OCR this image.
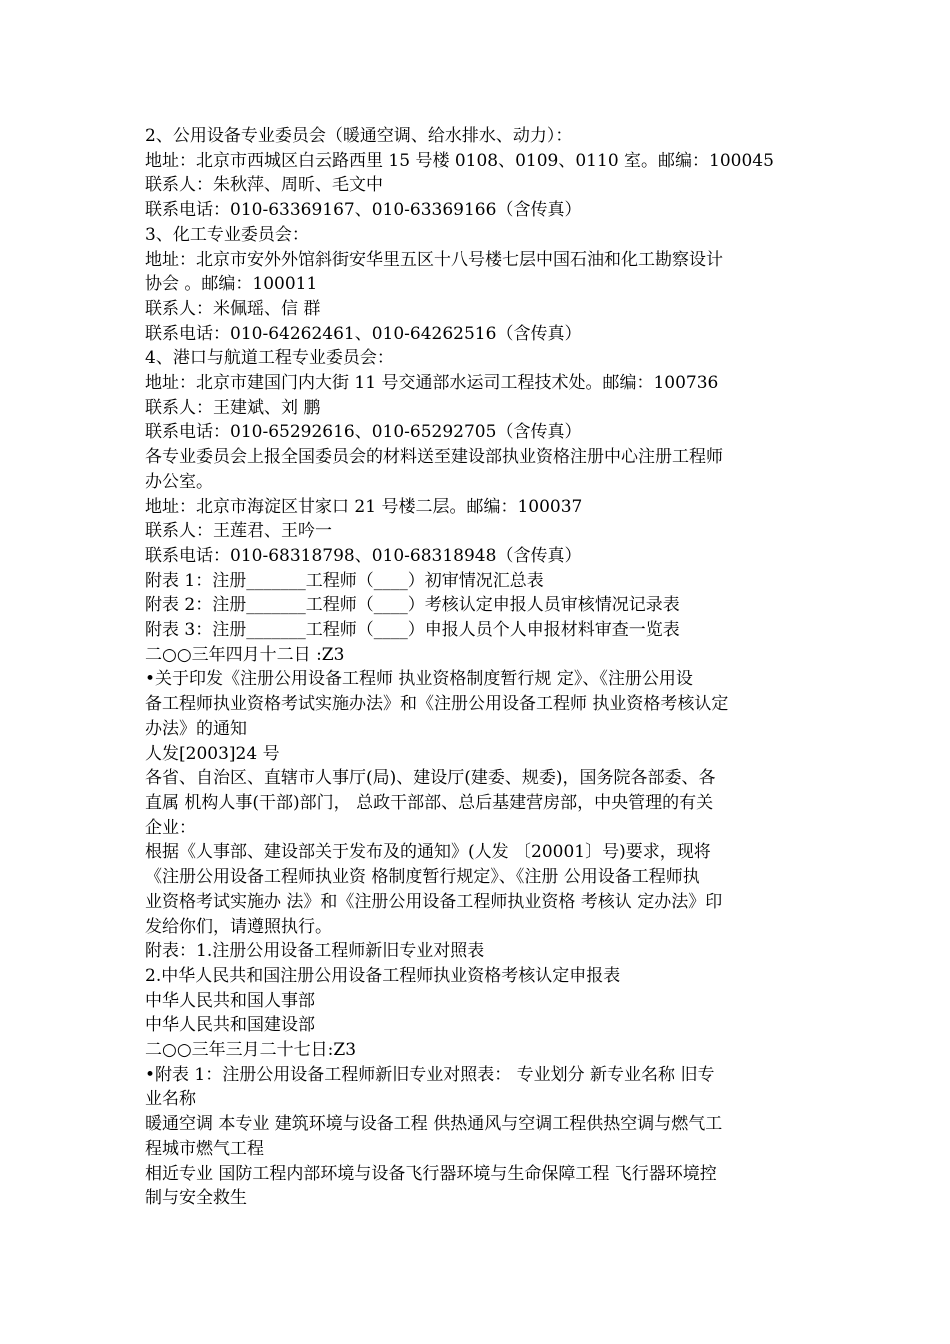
2、公用设备专业委员会（暖通空调、给水排水、动力）：

地址：北京市西城区白云路西里 15 号楼 0108、0109、0110 室。邮编：100045

联系人：朱秋萍、周昕、毛文中

联系电话：010-63369167、010-63369166（含传真）

3、化工专业委员会：

地址：北京市安外外馆斜街安华里五区十八号楼七层中国石油和化工勘察设计

协会 。邮编：100011

联系人：米佩瑶、信 群

联系电话：010-64262461、010-64262516（含传真）

4、港口与航道工程专业委员会：

地址：北京市建国门内大街 11 号交通部水运司工程技术处。邮编：100736

联系人：王建斌、刘 鹏

联系电话：010-65292616、010-65292705（含传真）

各专业委员会上报全国委员会的材料送至建设部执业资格注册中心注册工程师

办公室。

地址：北京市海淀区甘家口 21 号楼二层。邮编：100037

联系人：王莲君、王吟一

联系电话：010-68318798、010-68318948（含传真）

附表 1：注册_______工程师（____）初审情况汇总表

附表 2：注册_______工程师（____）考核认定申报人员审核情况记录表

附表 3：注册_______工程师（____）申报人员个人申报材料审查一览表

二○○三年四月十二日 :Z3

•关于印发《注册公用设备工程师 执业资格制度暂行规 定》、《注册公用设

备工程师执业资格考试实施办法》和《注册公用设备工程师 执业资格考核认定

办法》的通知

人发[2003]24 号

各省、自治区、直辖市人事厅(局)、建设厅(建委、规委)，国务院各部委、各

直属 机构人事(干部)部门， 总政干部部、总后基建营房部，中央管理的有关

企业：

根据《人事部、建设部关于发布及的通知》(人发 〔20001〕号)要求，现将

《注册公用设备工程师执业资 格制度暂行规定》、《注册 公用设备工程师执

业资格考试实施办 法》和《注册公用设备工程师执业资格 考核认 定办法》印

发给你们，请遵照执行。

附表：1.注册公用设备工程师新旧专业对照表

2.中华人民共和国注册公用设备工程师执业资格考核认定申报表

中华人民共和国人事部

中华人民共和国建设部

二○○三年三月二十七日:Z3

•附表 1：注册公用设备工程师新旧专业对照表： 专业划分 新专业名称 旧专

业名称

暖通空调 本专业 建筑环境与设备工程 供热通风与空调工程供热空调与燃气工

程城市燃气工程

相近专业 国防工程内部环境与设备飞行器环境与生命保障工程 飞行器环境控

制与安全救生
